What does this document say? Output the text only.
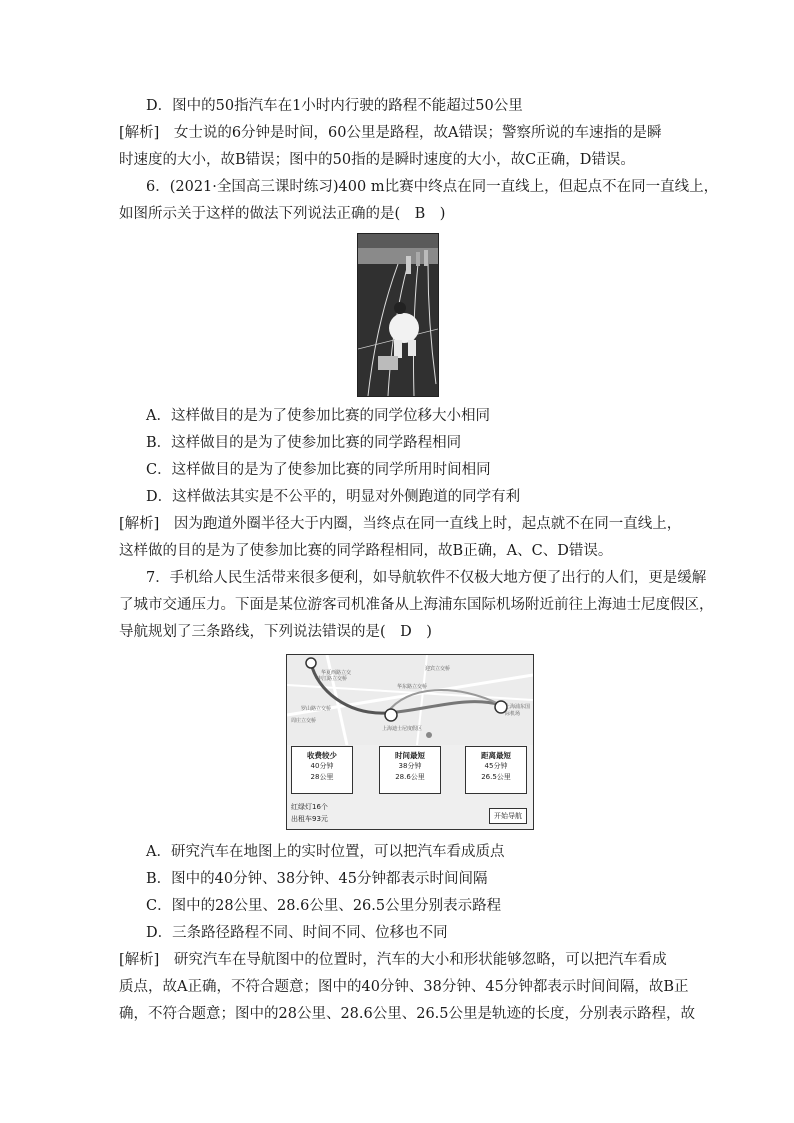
D．图中的50指汽车在1小时内行驶的路程不能超过50公里
[解析]　女士说的6分钟是时间，60公里是路程，故A错误；警察所说的车速指的是瞬
时速度的大小，故B错误；图中的50指的是瞬时速度的大小，故C正确，D错误。
6．(2021·全国高三课时练习)400 m比赛中终点在同一直线上，但起点不在同一直线上，
如图所示关于这样的做法下列说法正确的是(　B　)
A．这样做目的是为了使参加比赛的同学位移大小相同
B．这样做目的是为了使参加比赛的同学路程相同
C．这样做目的是为了使参加比赛的同学所用时间相同
D．这样做法其实是不公平的，明显对外侧跑道的同学有利
[解析]　因为跑道外圈半径大于内圈，当终点在同一直线上时，起点就不在同一直线上，
这样做的目的是为了使参加比赛的同学路程相同，故B正确，A、C、D错误。
7．手机给人民生活带来很多便利，如导航软件不仅极大地方便了出行的人们，更是缓解
了城市交通压力。下面是某位游客司机准备从上海浦东国际机场附近前往上海迪士尼度假区，
导航规划了三条路线，下列说法错误的是(　D　)
华夏西路立交
申江路立交桥
迎宾立交桥
华东路立交桥
上海浦东国际机场
上海迪士尼度假区
罗山路立交桥
周庄立交桥
收费较少
40分钟
28公里
时间最短
38分钟
28.6公里
距离最短
45分钟
26.5公里
红绿灯16个
出租车93元	开始导航
A．研究汽车在地图上的实时位置，可以把汽车看成质点
B．图中的40分钟、38分钟、45分钟都表示时间间隔
C．图中的28公里、28.6公里、26.5公里分别表示路程
D．三条路径路程不同、时间不同、位移也不同
[解析]　研究汽车在导航图中的位置时，汽车的大小和形状能够忽略，可以把汽车看成
质点，故A正确，不符合题意；图中的40分钟、38分钟、45分钟都表示时间间隔，故B正
确，不符合题意；图中的28公里、28.6公里、26.5公里是轨迹的长度，分别表示路程，故
